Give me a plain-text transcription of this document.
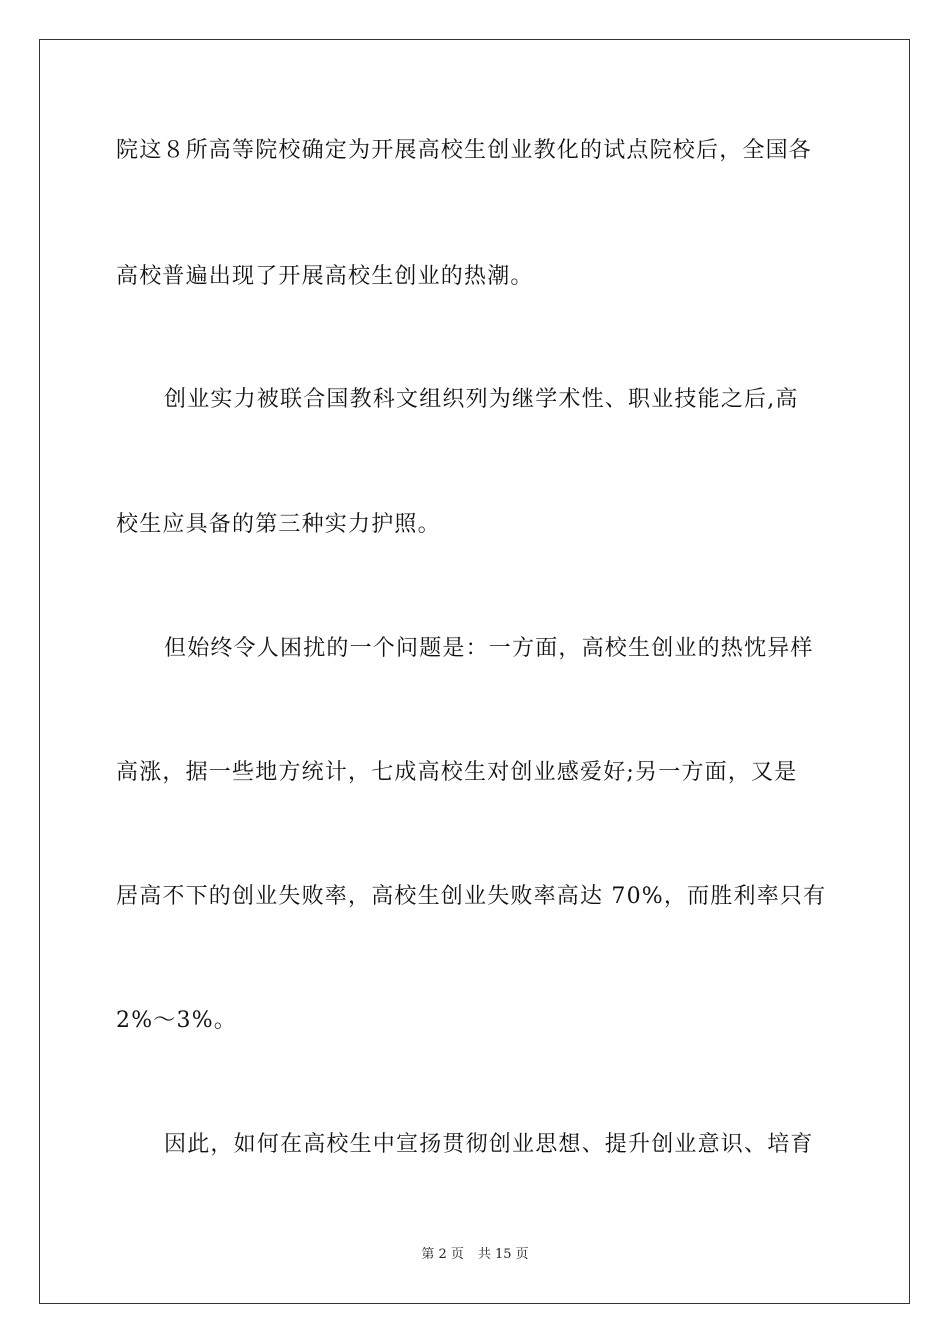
院这８所高等院校确定为开展高校生创业教化的试点院校后，全国各
高校普遍出现了开展高校生创业的热潮。
创业实力被联合国教科文组织列为继学术性、职业技能之后,高
校生应具备的第三种实力护照。
但始终令人困扰的一个问题是：一方面，高校生创业的热忱异样
高涨，据一些地方统计，七成高校生对创业感爱好;另一方面，又是
居高不下的创业失败率，高校生创业失败率高达 70%，而胜利率只有
2%～3%。
因此，如何在高校生中宣扬贯彻创业思想、提升创业意识、培育
第 2 页 共 15 页
